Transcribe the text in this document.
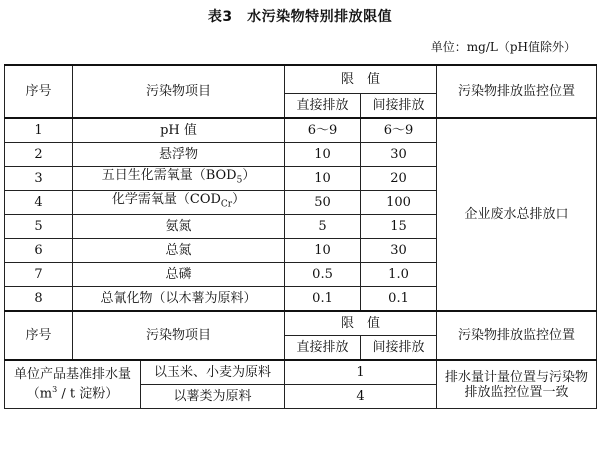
表3　水污染物特别排放限值
单位：mg/L（pH值除外）
序号	污染物项目		限　值		污染物排放监控位置
			直接排放	间接排放	
1	pH 值		6～9	6～9	企业废水总排放口
2	悬浮物		10	30	
3	五日生化需氧量$(BOD_5)$		10	20	
4	化学需氧量$(COD_{Cr})$		50	100	
5	氨氮		5	15	
6	总氮		10	30	
7	总磷		0.5	1.0	
8	总氰化物（以木薯为原料）		0.1	0.1	
序号	污染物项目		限　值		污染物排放监控位置
			直接排放	间接排放	

单位产品基准排水量
（$m^3$ / t 淀粉）		以玉米、小麦为原料	1		排水量计量位置与污染物排放监控位置一致
		以薯类为原料	4		
